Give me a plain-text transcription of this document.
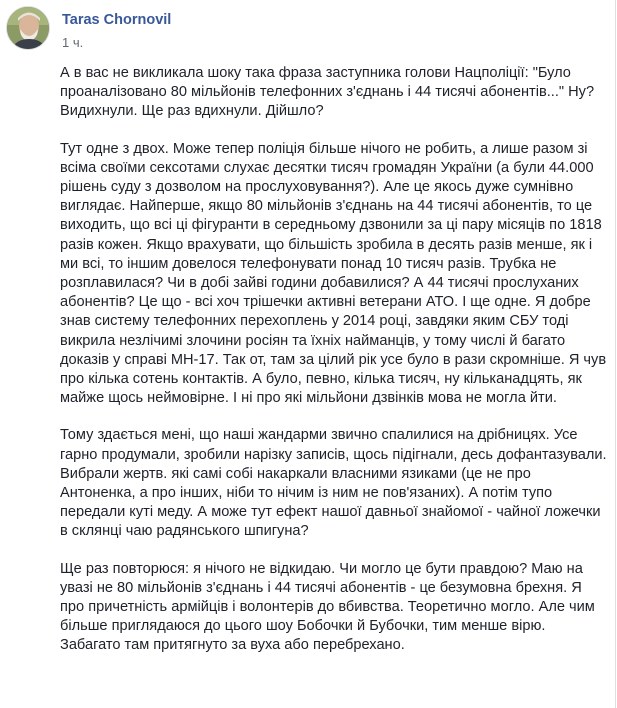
Taras Chornovil
1 ч.

А в вас не викликала шоку така фраза заступника голови Нацполіції: "Було проаналізовано 80 мільйонів телефонних з'єднань і 44 тисячі абонентів..." Ну? Видихнули. Ще раз вдихнули. Дійшло?

Тут одне з двох. Може тепер поліція більше нічого не робить, а лише разом зі всіма своїми сексотами слухає десятки тисяч громадян України (а були 44.000 рішень суду з дозволом на прослуховування?). Але це якось дуже сумнівно виглядає. Найперше, якщо 80 мільйонів з'єднань на 44 тисячі абонентів, то це виходить, що всі ці фігуранти в середньому дзвонили за ці пару місяців по 1818 разів кожен. Якщо врахувати, що більшість зробила в десять разів менше, як і ми всі, то іншим довелося телефонувати понад 10 тисяч разів. Трубка не розплавилася? Чи в добі зайві години добавилися? А 44 тисячі прослуханих абонентів? Це що - всі хоч трішечки активні ветерани АТО. І ще одне. Я добре знав систему телефонних перехоплень у 2014 році, завдяки яким СБУ тоді викрила незлічимі злочини росіян та їхніх найманців, у тому числі й багато доказів у справі МН-17. Так от, там за цілий рік усе було в рази скромніше. Я чув про кілька сотень контактів. А було, певно, кілька тисяч, ну кільканадцять, як майже щось неймовірне. І ні про які мільйони дзвінків мова не могла йти.

Тому здається мені, що наші жандарми звично спалилися на дрібницях. Усе гарно продумали, зробили нарізку записів, щось підігнали, десь дофантазували. Вибрали жертв. які самі собі накаркали власними язиками (це не про Антоненка, а про інших, ніби то нічим із ним не пов'язаних). А потім тупо передали куті меду. А може тут ефект нашої давньої знайомої - чайної ложечки в склянці чаю радянського шпигуна?

Ще раз повторюся: я нічого не відкидаю. Чи могло це бути правдою? Маю на увазі не 80 мільйонів з'єднань і 44 тисячі абонентів - це безумовна брехня. Я про причетність армійців і волонтерів до вбивства. Теоретично могло. Але чим більше приглядаюся до цього шоу Бобочки й Бубочки, тим менше вірю. Забагато там притягнуто за вуха або перебрехано.
